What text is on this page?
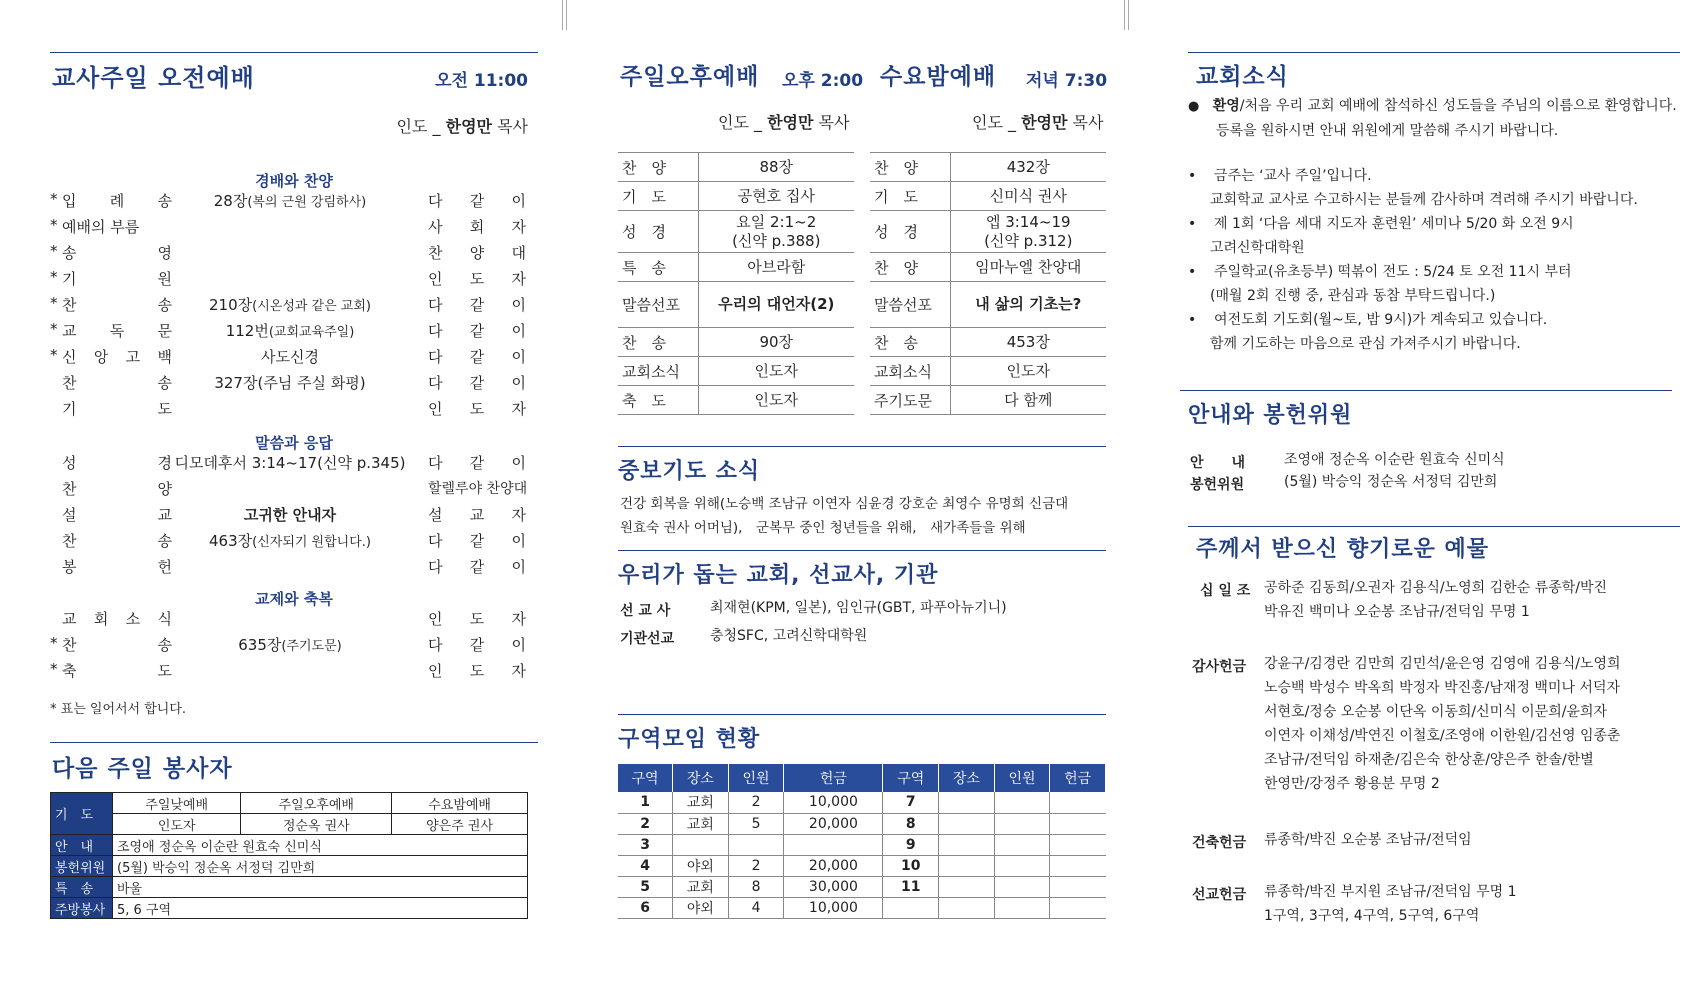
교사주일 오전예배	오전 11:00
인도 _ 한영만 목사
경배와 찬양
* 입 례 송	28장(복의 근원 강림하사)	다 같 이
* 예배의 부름	사 회 자
* 송	영	찬 양 대
* 기	원	인 도 자
* 찬	송	210장(시온성과 같은 교회)	다 같 이
* 교 독 문	112번(교회교육주일)	다 같 이
* 신 앙 고 백	사도신경	다 같 이
찬	송	327장(주님 주실 화평)	다 같 이
기	도	인 도 자
말씀과 응답
성	경 디모데후서 3:14~17(신약 p.345)	다 같 이
찬	양	할렐루야 찬양대
설	교	고귀한 안내자	설 교 자
찬	송	463장(신자되기 원합니다.)	다 같 이
봉	헌	다 같 이
교제와 축복
교 회 소 식	인 도 자
* 찬	송	635장(주기도문)	다 같 이
* 축	도	인 도 자
* 표는 일어서서 합니다.
다음 주일 봉사자
기　도	주일낮예배	주일오후예배	수요밤예배
	인도자	정순옥 권사	양은주 권사
안　내	조영애 정순옥 이순란 원효숙 신미식		
봉헌위원	(5월) 박승익 정순옥 서정덕 김만희		
특　송	바울		
주방봉사	5, 6 구역		
주일오후예배 오후 2:00 수요밤예배 저녁 7:30
인도 _ 한영만 목사	인도 _ 한영만 목사
찬　양	88장

기　도	공현호 집사

성　경	요일 2:1~2
(신약 p.388)

특　송	아브라함

말씀선포	우리의 대언자(2)

찬　송	90장

교회소식	인도자

축　도	인도자
찬　양	432장

기　도	신미식 권사

성　경	엡 3:14~19
(신약 p.312)

찬　양	임마누엘 찬양대

말씀선포	내 삶의 기초는?

찬　송	453장

교회소식	인도자

주기도문	다 함께
중보기도 소식
건강 회복을 위해(노승백 조남규 이연자 심윤경 강호순 최영수 유명희 신금대
원효숙 권사 어머님),　군복무 중인 청년들을 위해,　새가족들을 위해
우리가 돕는 교회, 선교사, 기관
선 교 사	최재현(KPM, 일본), 임인규(GBT, 파푸아뉴기니)
기관선교	충청SFC, 고려신학대학원
구역모임 현황
구역	장소	인원	헌금	구역	장소	인원	헌금
1	교회	2	10,000	7			
2	교회	5	20,000	8			
3				9			
4	야외	2	20,000	10			
5	교회	8	30,000	11			
6	야외	4	10,000				
교회소식
● 환영/처음 우리 교회 예배에 참석하신 성도들을 주님의 이름으로 환영합니다.
등록을 원하시면 안내 위원에게 말씀해 주시기 바랍니다.
•    금주는 ‘교사 주일’입니다.
교회학교 교사로 수고하시는 분들께 감사하며 격려해 주시기 바랍니다.
•    제 1회 ‘다음 세대 지도자 훈련원’ 세미나 5/20 화 오전 9시
고려신학대학원
•    주일학교(유초등부) 떡볶이 전도 : 5/24 토 오전 11시 부터
(매월 2회 진행 중, 관심과 동참 부탁드립니다.)
•    여전도회 기도회(월~토, 밤 9시)가 계속되고 있습니다.
함께 기도하는 마음으로 관심 가져주시기 바랍니다.
안내와 봉헌위원
안　　내	조영애 정순옥 이순란 원효숙 신미식
봉헌위원	(5월) 박승익 정순옥 서정덕 김만희
주께서 받으신 향기로운 예물
십 일 조 공하준 김동희/오권자 김용식/노영희 김한순 류종학/박진
박유진 백미나 오순봉 조남규/전덕임 무명 1
감사헌금 강윤구/김경란 김만희 김민석/윤은영 김영애 김용식/노영희
노승백 박성수 박옥희 박정자 박진홍/남재정 백미나 서덕자
서현호/정숭 오순봉 이단옥 이동희/신미식 이문희/윤희자
이연자 이채성/박연진 이철호/조영애 이한원/김선영 임종춘
조남규/전덕임 하재춘/김은숙 한상훈/양은주 한솔/한별
한영만/강정주 황용분 무명 2
건축헌금 류종학/박진 오순봉 조남규/전덕임
선교헌금 류종학/박진 부지원 조남규/전덕임 무명 1
1구역, 3구역, 4구역, 5구역, 6구역
